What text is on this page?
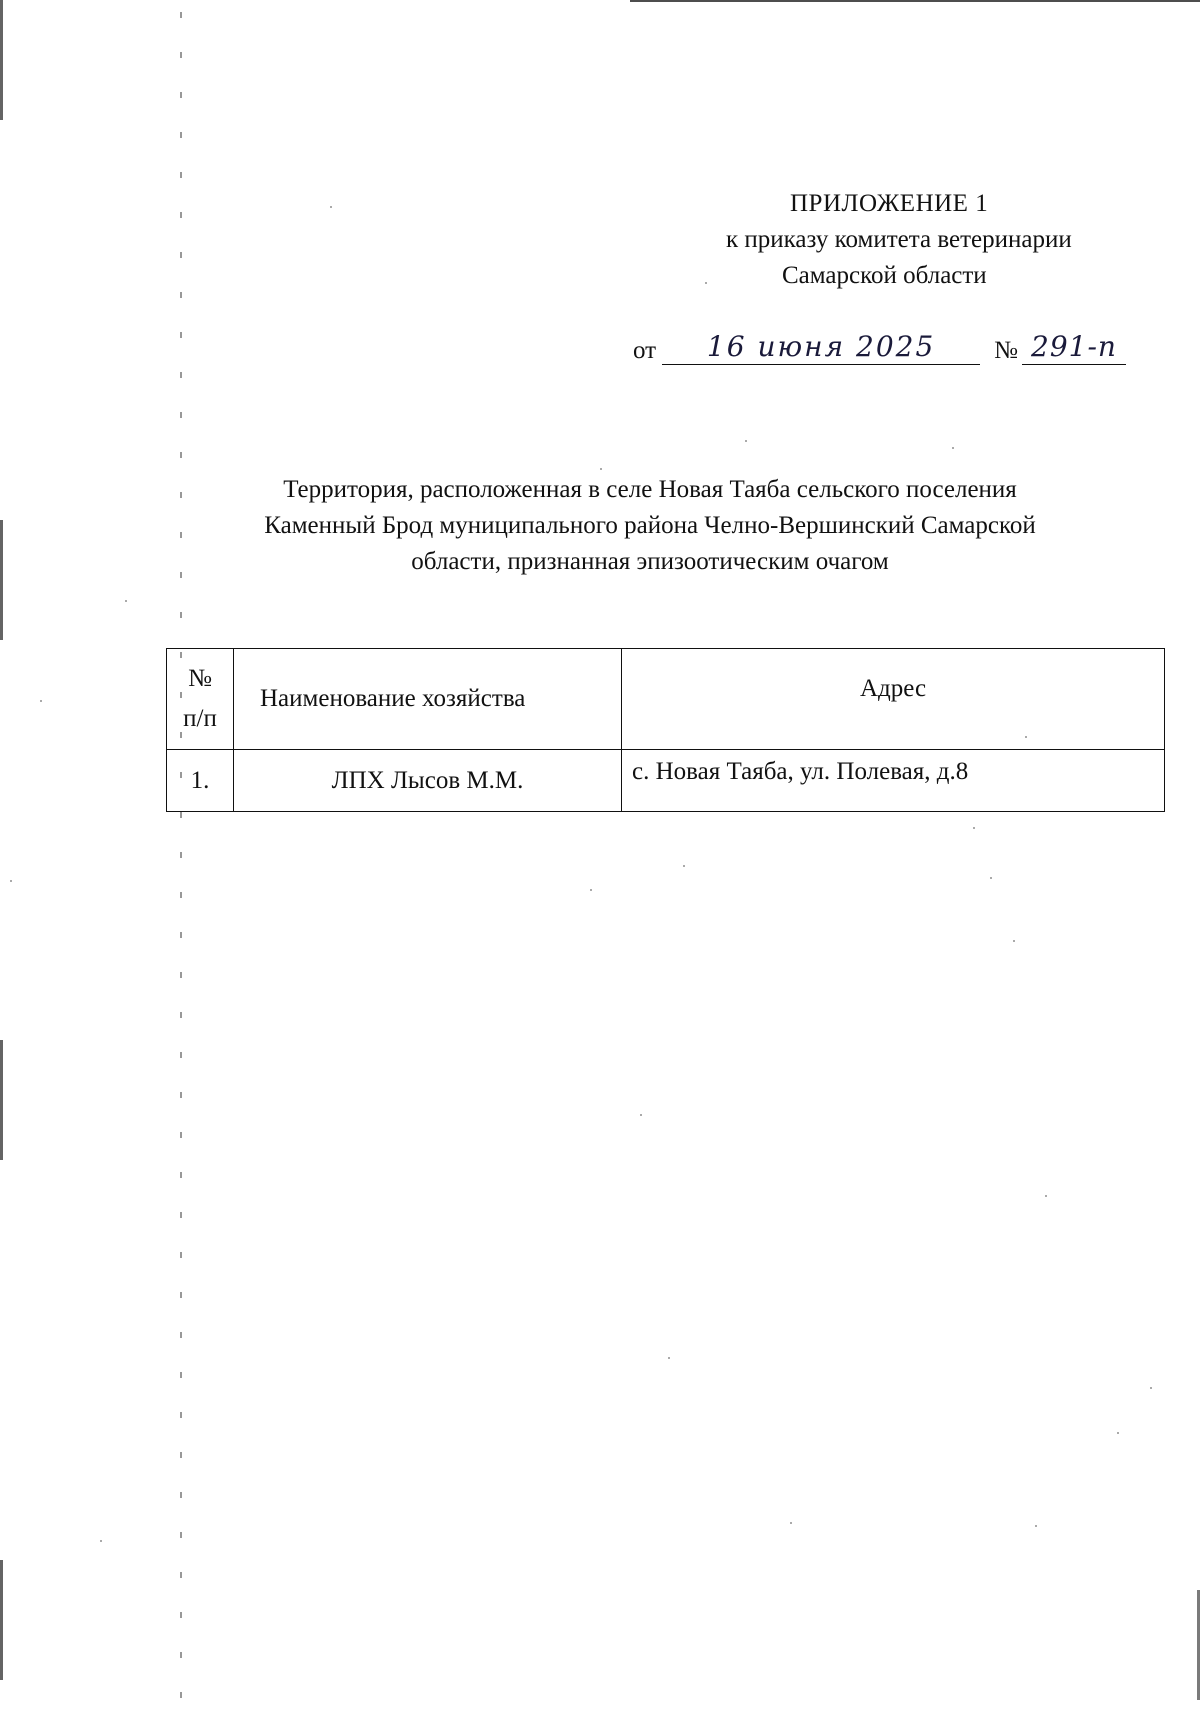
ПРИЛОЖЕНИЕ 1
к приказу комитета ветеринарии
Самарской области
от	16 июня 2025	№ 291-п
Территория, расположенная в селе Новая Таяба сельского поселения
Каменный Брод муниципального района Челно-Вершинский Самарской
области, признанная эпизоотическим очагом
№
п/п	Наименование хозяйства	Адрес
1.	ЛПХ Лысов М.М.	с. Новая Таяба, ул. Полевая, д.8
